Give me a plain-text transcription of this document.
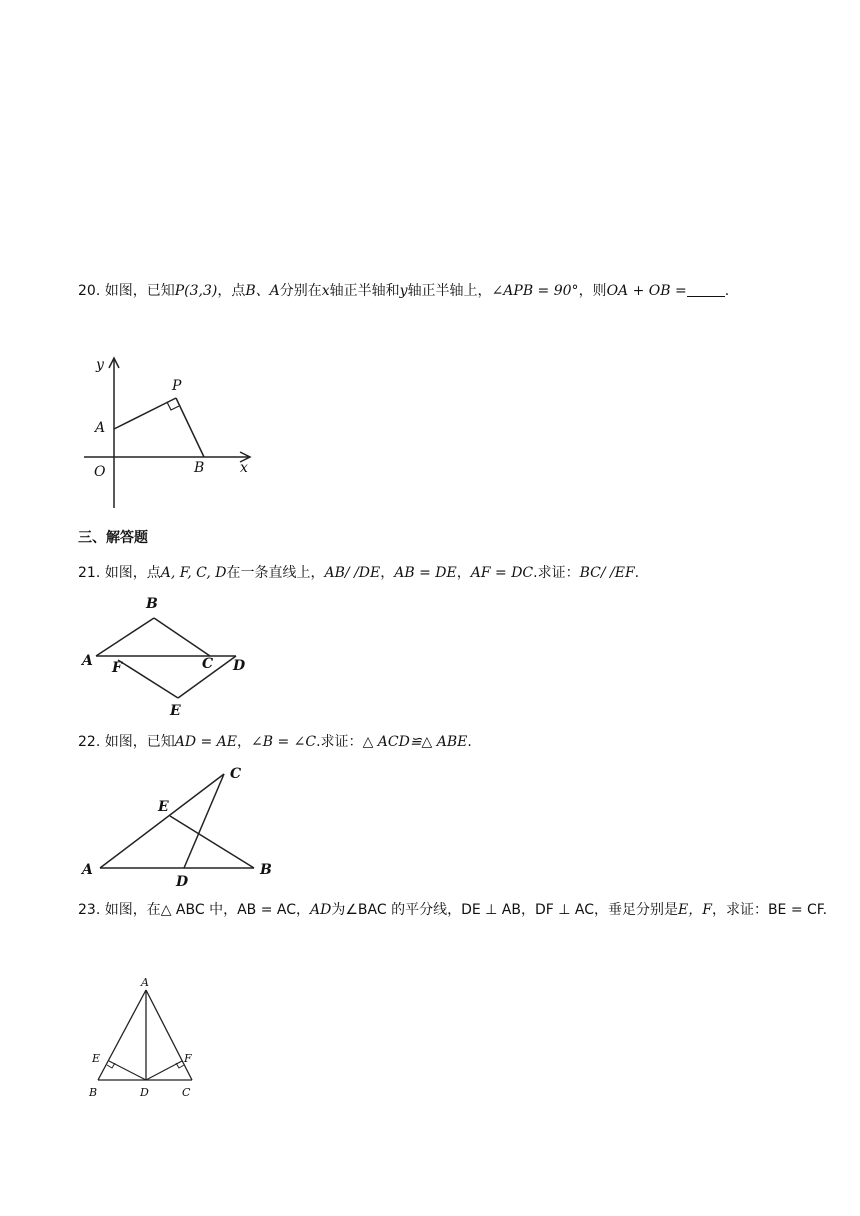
20. 如图，已知P(3,3)，点B、A分别在x轴正半轴和y轴正半轴上，∠APB = 90°，则OA + OB =	.
y
P
A
O	B	x
三、解答题
21. 如图，点A, F, C, D在一条直线上，AB/ /DE，AB = DE，AF = DC.求证：BC/ /EF.
B
A F	C D
E
22. 如图，已知AD = AE，∠B = ∠C.求证：△ ACD≌△ ABE.
C
E
A
D
B
23. 如图，在△ ABC 中，AB = AC，AD为∠BAC 的平分线，DE ⊥ AB，DF ⊥ AC，垂足分别是E，F，求证：BE = CF.
A
E	F
B	D	C
